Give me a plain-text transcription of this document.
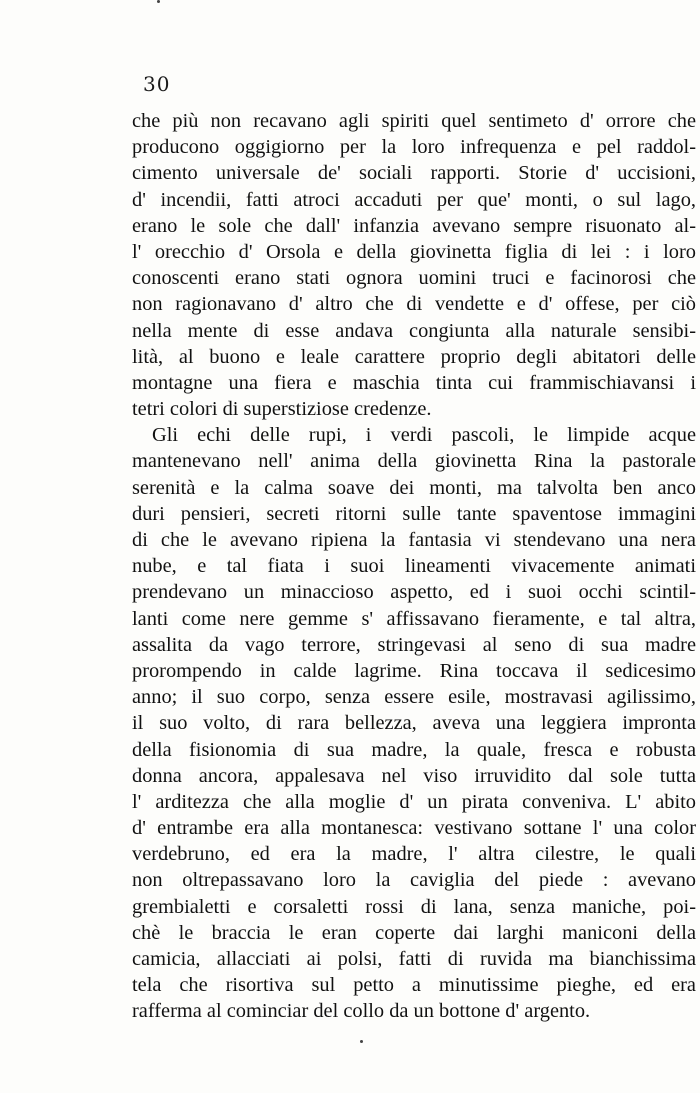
30
che più non recavano agli spiriti quel sentimeto d' orrore che
producono oggigiorno per la loro infrequenza e pel raddol-
cimento universale de' sociali rapporti. Storie d' uccisioni,
d' incendii, fatti atroci accaduti per que' monti, o sul lago,
erano le sole che dall' infanzia avevano sempre risuonato al-
l' orecchio d' Orsola e della giovinetta figlia di lei : i loro
conoscenti erano stati ognora uomini truci e facinorosi che
non ragionavano d' altro che di vendette e d' offese, per ciò
nella mente di esse andava congiunta alla naturale sensibi-
lità, al buono e leale carattere proprio degli abitatori delle
montagne una fiera e maschia tinta cui frammischiavansi i
tetri colori di superstiziose credenze.
Gli echi delle rupi, i verdi pascoli, le limpide acque
mantenevano nell' anima della giovinetta Rina la pastorale
serenità e la calma soave dei monti, ma talvolta ben anco
duri pensieri, secreti ritorni sulle tante spaventose immagini
di che le avevano ripiena la fantasia vi stendevano una nera
nube, e tal fiata i suoi lineamenti vivacemente animati
prendevano un minaccioso aspetto, ed i suoi occhi scintil-
lanti come nere gemme s' affissavano fieramente, e tal altra,
assalita da vago terrore, stringevasi al seno di sua madre
prorompendo in calde lagrime. Rina toccava il sedicesimo
anno; il suo corpo, senza essere esile, mostravasi agilissimo,
il suo volto, di rara bellezza, aveva una leggiera impronta
della fisionomia di sua madre, la quale, fresca e robusta
donna ancora, appalesava nel viso irruvidito dal sole tutta
l' arditezza che alla moglie d' un pirata conveniva. L' abito
d' entrambe era alla montanesca: vestivano sottane l' una color
verdebruno, ed era la madre, l' altra cilestre, le quali
non oltrepassavano loro la caviglia del piede : avevano
grembialetti e corsaletti rossi di lana, senza maniche, poi-
chè le braccia le eran coperte dai larghi maniconi della
camicia, allacciati ai polsi, fatti di ruvida ma bianchissima
tela che risortiva sul petto a minutissime pieghe, ed era
rafferma al cominciar del collo da un bottone d' argento.
